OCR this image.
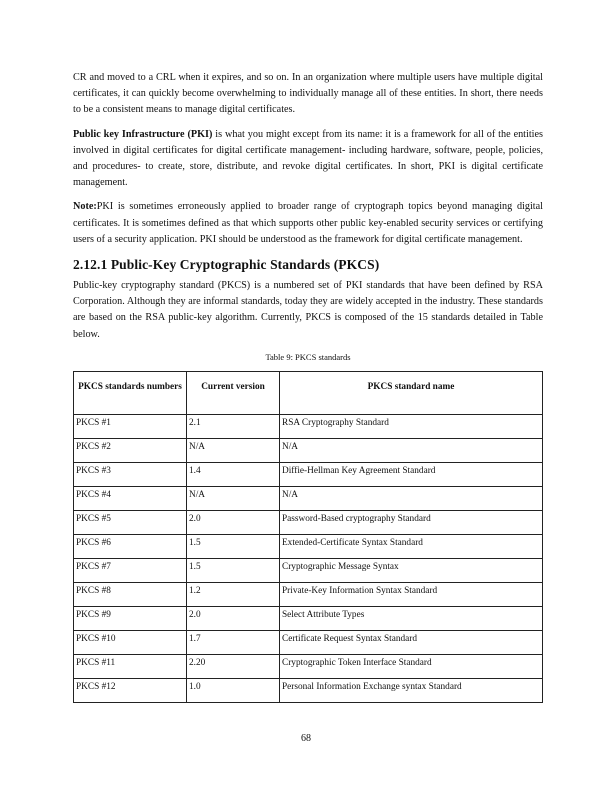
CR and moved to a CRL when it expires, and so on. In an organization where multiple users have multiple digital certificates, it can quickly become overwhelming to individually manage all of these entities. In short, there needs to be a consistent means to manage digital certificates.

Public key Infrastructure (PKI) is what you might except from its name: it is a framework for all of the entities involved in digital certificates for digital certificate management- including hardware, software, people, policies, and procedures- to create, store, distribute, and revoke digital certificates. In short, PKI is digital certificate management.

Note:PKI is sometimes erroneously applied to broader range of cryptograph topics beyond managing digital certificates. It is sometimes defined as that which supports other public key-enabled security services or certifying users of a security application. PKI should be understood as the framework for digital certificate management.

2.12.1 Public-Key Cryptographic Standards (PKCS)

Public-key cryptography standard (PKCS) is a numbered set of PKI standards that have been defined by RSA Corporation. Although they are informal standards, today they are widely accepted in the industry. These standards are based on the RSA public-key algorithm. Currently, PKCS is composed of the 15 standards detailed in Table below.

Table 9: PKCS standards
PKCS standards numbers	Current version	PKCS standard name
PKCS #1	2.1	RSA Cryptography Standard
PKCS #2	N/A	N/A
PKCS #3	1.4	Diffie-Hellman Key Agreement Standard
PKCS #4	N/A	N/A
PKCS #5	2.0	Password-Based cryptography Standard
PKCS #6	1.5	Extended-Certificate Syntax Standard
PKCS #7	1.5	Cryptographic Message Syntax
PKCS #8	1.2	Private-Key Information Syntax Standard
PKCS #9	2.0	Select Attribute Types
PKCS #10	1.7	Certificate Request Syntax Standard
PKCS #11	2.20	Cryptographic Token Interface Standard
PKCS #12	1.0	Personal Information Exchange syntax Standard
68
